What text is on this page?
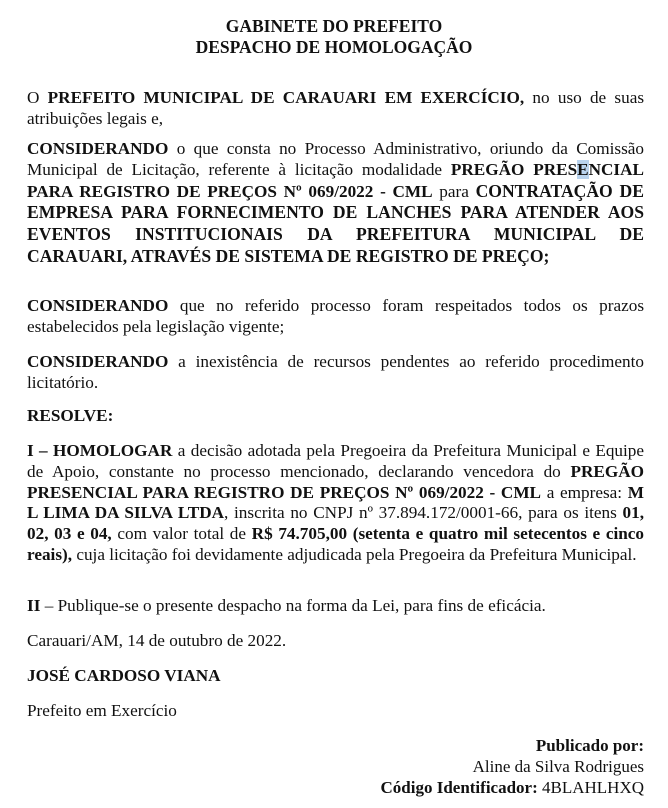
GABINETE DO PREFEITO
DESPACHO DE HOMOLOGAÇÃO
O PREFEITO MUNICIPAL DE CARAUARI EM EXERCÍCIO, no uso de suas atribuições legais e,
CONSIDERANDO o que consta no Processo Administrativo, oriundo da Comissão Municipal de Licitação, referente à licitação modalidade PREGÃO PRESENCIAL PARA REGISTRO DE PREÇOS Nº 069/2022 - CML para CONTRATAÇÃO DE EMPRESA PARA FORNECIMENTO DE LANCHES PARA ATENDER AOS EVENTOS INSTITUCIONAIS DA PREFEITURA MUNICIPAL DE CARAUARI, ATRAVÉS DE SISTEMA DE REGISTRO DE PREÇO;
CONSIDERANDO que no referido processo foram respeitados todos os prazos estabelecidos pela legislação vigente;
CONSIDERANDO a inexistência de recursos pendentes ao referido procedimento licitatório.
RESOLVE:
I – HOMOLOGAR a decisão adotada pela Pregoeira da Prefeitura Municipal e Equipe de Apoio, constante no processo mencionado, declarando vencedora do PREGÃO PRESENCIAL PARA REGISTRO DE PREÇOS Nº 069/2022 - CML a empresa: M L LIMA DA SILVA LTDA, inscrita no CNPJ nº 37.894.172/0001-66, para os itens 01, 02, 03 e 04, com valor total de R$ 74.705,00 (setenta e quatro mil setecentos e cinco reais), cuja licitação foi devidamente adjudicada pela Pregoeira da Prefeitura Municipal.
II – Publique-se o presente despacho na forma da Lei, para fins de eficácia.
Carauari/AM, 14 de outubro de 2022.
JOSÉ CARDOSO VIANA
Prefeito em Exercício
Publicado por:
Aline da Silva Rodrigues
Código Identificador: 4BLAHLHXQ
